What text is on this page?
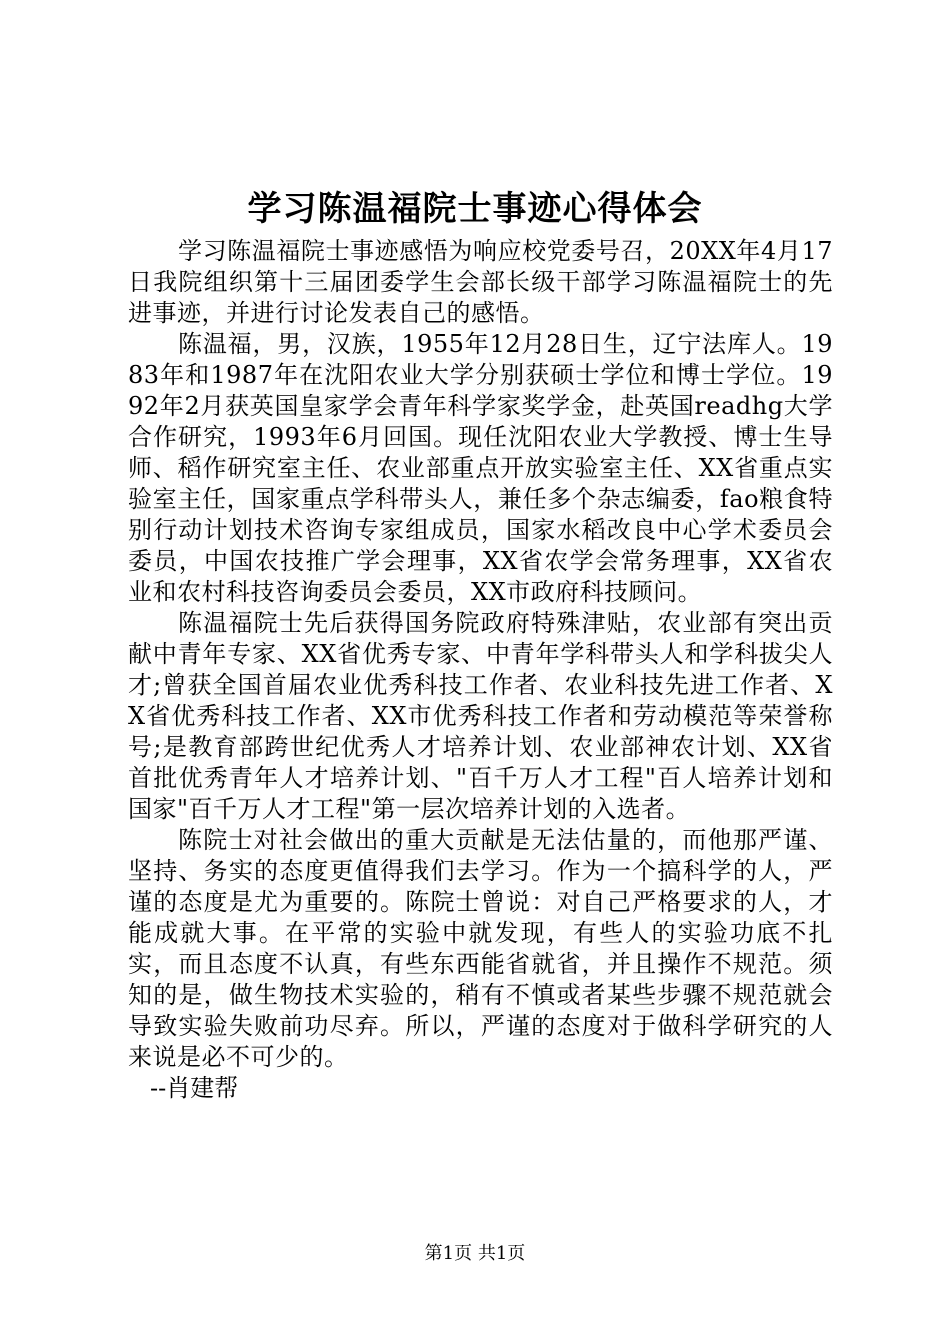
学习陈温福院士事迹心得体会

学习陈温福院士事迹感悟为响应校党委号召，20XX年4月17日我院组织第十三届团委学生会部长级干部学习陈温福院士的先进事迹，并进行讨论发表自己的感悟。

陈温福，男，汉族，1955年12月28日生，辽宁法库人。1983年和1987年在沈阳农业大学分别获硕士学位和博士学位。1992年2月获英国皇家学会青年科学家奖学金，赴英国readhg大学合作研究，1993年6月回国。现任沈阳农业大学教授、博士生导师、稻作研究室主任、农业部重点开放实验室主任、XX省重点实验室主任，国家重点学科带头人，兼任多个杂志编委，fao粮食特别行动计划技术咨询专家组成员，国家水稻改良中心学术委员会委员，中国农技推广学会理事，XX省农学会常务理事，XX省农业和农村科技咨询委员会委员，XX市政府科技顾问。

陈温福院士先后获得国务院政府特殊津贴，农业部有突出贡献中青年专家、XX省优秀专家、中青年学科带头人和学科拔尖人才;曾获全国首届农业优秀科技工作者、农业科技先进工作者、XX省优秀科技工作者、XX市优秀科技工作者和劳动模范等荣誉称号;是教育部跨世纪优秀人才培养计划、农业部神农计划、XX省首批优秀青年人才培养计划、"百千万人才工程"百人培养计划和国家"百千万人才工程"第一层次培养计划的入选者。

陈院士对社会做出的重大贡献是无法估量的，而他那严谨、坚持、务实的态度更值得我们去学习。作为一个搞科学的人，严谨的态度是尤为重要的。陈院士曾说：对自己严格要求的人，才能成就大事。在平常的实验中就发现，有些人的实验功底不扎实，而且态度不认真，有些东西能省就省，并且操作不规范。须知的是，做生物技术实验的，稍有不慎或者某些步骤不规范就会导致实验失败前功尽弃。所以，严谨的态度对于做科学研究的人来说是必不可少的。

--肖建帮

第1页 共1页
